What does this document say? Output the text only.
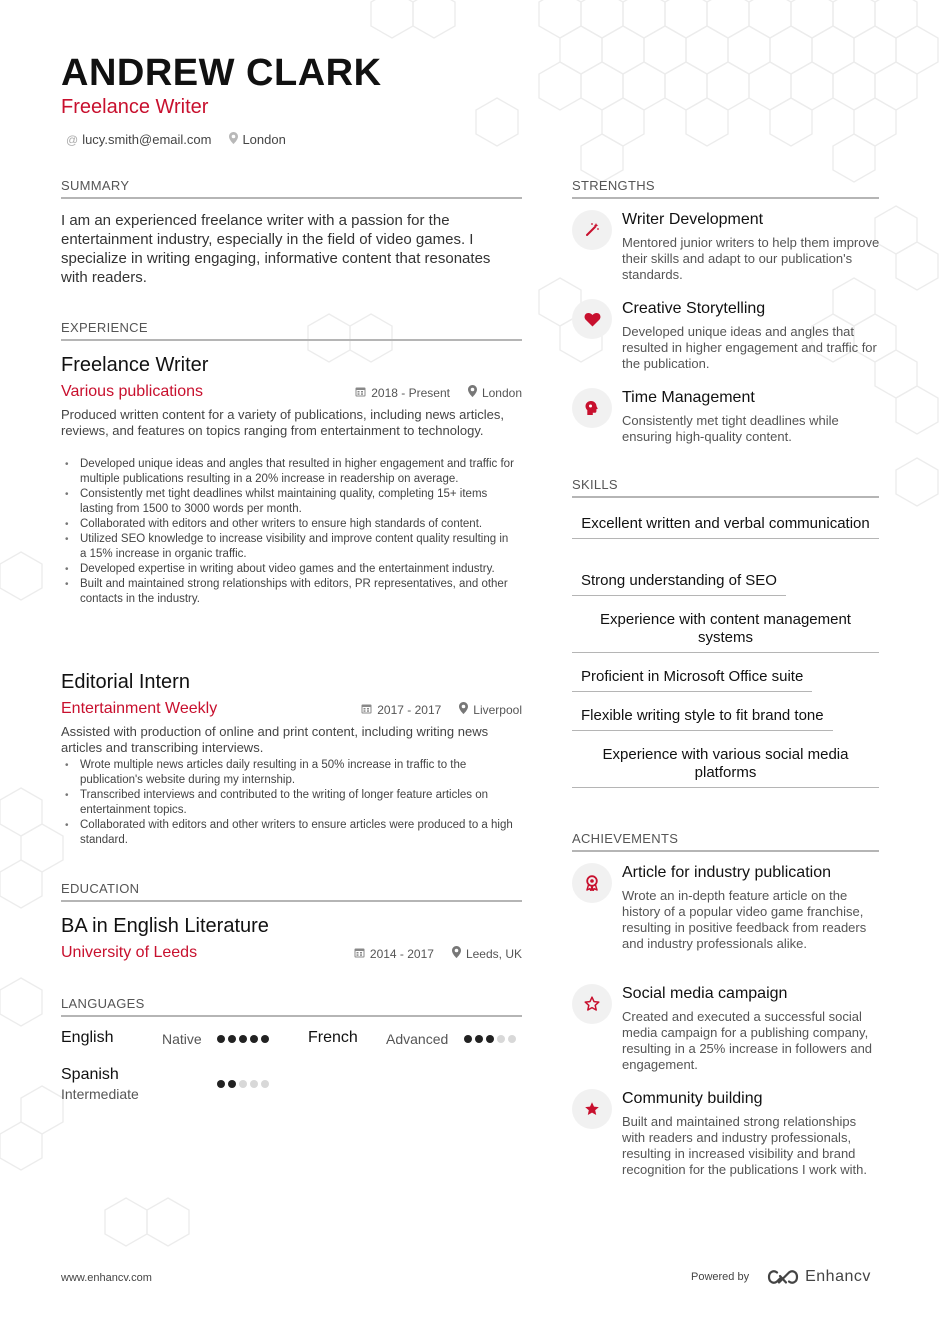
ANDREW CLARK
Freelance Writer
@ lucy.smith@email.com London
SUMMARY
I am an experienced freelance writer with a passion for the entertainment industry, especially in the field of video games. I specialize in writing engaging, informative content that resonates with readers.
EXPERIENCE
Freelance Writer
Various publications	2018 - Present	London
Produced written content for a variety of publications, including news articles, reviews, and features on topics ranging from entertainment to technology.
• Developed unique ideas and angles that resulted in higher engagement and traffic for multiple publications resulting in a 20% increase in readership on average.
• Consistently met tight deadlines whilst maintaining quality, completing 15+ items lasting from 1500 to 3000 words per month.
• Collaborated with editors and other writers to ensure high standards of content.
• Utilized SEO knowledge to increase visibility and improve content quality resulting in a 15% increase in organic traffic.
• Developed expertise in writing about video games and the entertainment industry.
• Built and maintained strong relationships with editors, PR representatives, and other contacts in the industry.
Editorial Intern
Entertainment Weekly	2017 - 2017	Liverpool
Assisted with production of online and print content, including writing news articles and transcribing interviews.
• Wrote multiple news articles daily resulting in a 50% increase in traffic to the publication's website during my internship.
• Transcribed interviews and contributed to the writing of longer feature articles on entertainment topics.
• Collaborated with editors and other writers to ensure articles were produced to a high standard.
EDUCATION
BA in English Literature
University of Leeds	2014 - 2017	Leeds, UK
LANGUAGES
English	Native	French Advanced
Spanish
Intermediate
STRENGTHS
Writer Development
Mentored junior writers to help them improve their skills and adapt to our publication's standards.
Creative Storytelling
Developed unique ideas and angles that resulted in higher engagement and traffic for the publication.
Time Management
Consistently met tight deadlines while ensuring high-quality content.
SKILLS
Excellent written and verbal communication
Strong understanding of SEO
Experience with content management systems
Proficient in Microsoft Office suite
Flexible writing style to fit brand tone
Experience with various social media platforms
ACHIEVEMENTS
Article for industry publication
Wrote an in-depth feature article on the history of a popular video game franchise, resulting in positive feedback from readers and industry professionals alike.
Social media campaign
Created and executed a successful social media campaign for a publishing company, resulting in a 25% increase in followers and engagement.
Community building
Built and maintained strong relationships with readers and industry professionals, resulting in increased visibility and brand recognition for the publications I work with.
www.enhancv.com	Powered by	Enhancv
